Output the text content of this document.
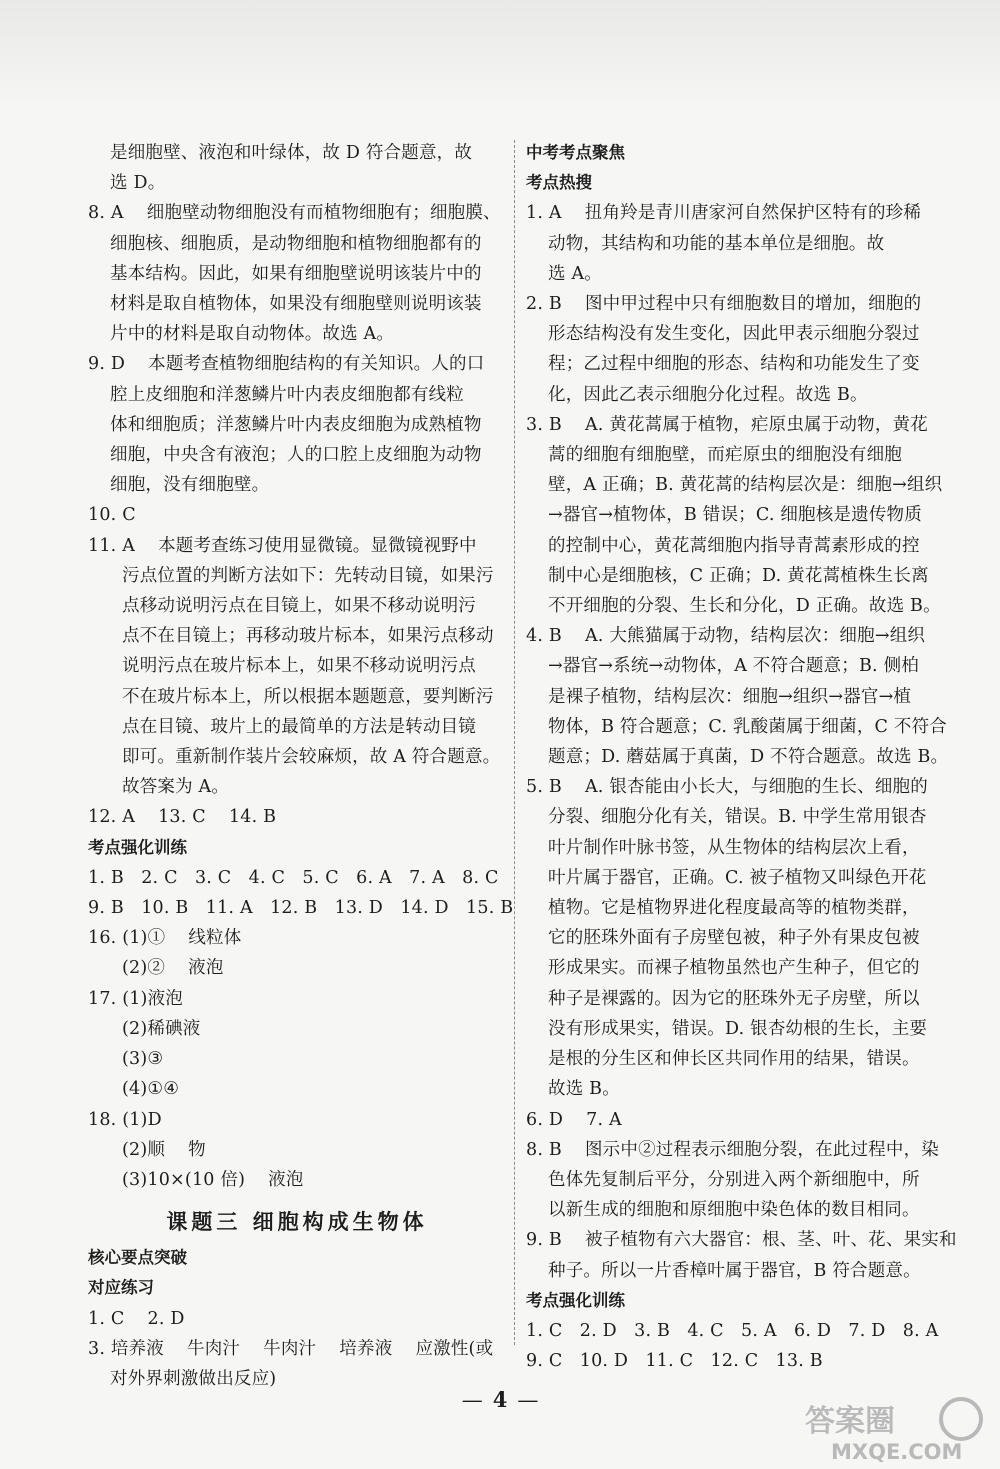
是细胞壁、液泡和叶绿体，故 D 符合题意，故
选 D。
8. A    细胞壁动物细胞没有而植物细胞有；细胞膜、
细胞核、细胞质，是动物细胞和植物细胞都有的
基本结构。因此，如果有细胞壁说明该装片中的
材料是取自植物体，如果没有细胞壁则说明该装
片中的材料是取自动物体。故选 A。
9. D    本题考查植物细胞结构的有关知识。人的口
腔上皮细胞和洋葱鳞片叶内表皮细胞都有线粒
体和细胞质；洋葱鳞片叶内表皮细胞为成熟植物
细胞，中央含有液泡；人的口腔上皮细胞为动物
细胞，没有细胞壁。
10. C
11. A    本题考查练习使用显微镜。显微镜视野中
污点位置的判断方法如下：先转动目镜，如果污
点移动说明污点在目镜上，如果不移动说明污
点不在目镜上；再移动玻片标本，如果污点移动
说明污点在玻片标本上，如果不移动说明污点
不在玻片标本上，所以根据本题题意，要判断污
点在目镜、玻片上的最简单的方法是转动目镜
即可。重新制作装片会较麻烦，故 A 符合题意。
故答案为 A。
12. A    13. C    14. B
考点强化训练
1. B   2. C   3. C   4. C   5. C   6. A   7. A   8. C
9. B   10. B   11. A   12. B   13. D   14. D   15. B
16. (1)①    线粒体
(2)②    液泡
17. (1)液泡
(2)稀碘液
(3)③
(4)①④
18. (1)D
(2)顺    物
(3)10×(10 倍)    液泡
课题三 细胞构成生物体
核心要点突破
对应练习
1. C    2. D
3. 培养液    牛肉汁    牛肉汁    培养液    应激性(或
对外界刺激做出反应)
中考考点聚焦
考点热搜
1. A    扭角羚是青川唐家河自然保护区特有的珍稀
动物，其结构和功能的基本单位是细胞。故
选 A。
2. B    图中甲过程中只有细胞数目的增加，细胞的
形态结构没有发生变化，因此甲表示细胞分裂过
程；乙过程中细胞的形态、结构和功能发生了变
化，因此乙表示细胞分化过程。故选 B。
3. B    A. 黄花蒿属于植物，疟原虫属于动物，黄花
蒿的细胞有细胞壁，而疟原虫的细胞没有细胞
壁，A 正确；B. 黄花蒿的结构层次是：细胞→组织
→器官→植物体，B 错误；C. 细胞核是遗传物质
的控制中心，黄花蒿细胞内指导青蒿素形成的控
制中心是细胞核，C 正确；D. 黄花蒿植株生长离
不开细胞的分裂、生长和分化，D 正确。故选 B。
4. B    A. 大熊猫属于动物，结构层次：细胞→组织
→器官→系统→动物体，A 不符合题意；B. 侧柏
是裸子植物，结构层次：细胞→组织→器官→植
物体，B 符合题意；C. 乳酸菌属于细菌，C 不符合
题意；D. 蘑菇属于真菌，D 不符合题意。故选 B。
5. B    A. 银杏能由小长大，与细胞的生长、细胞的
分裂、细胞分化有关，错误。B. 中学生常用银杏
叶片制作叶脉书签，从生物体的结构层次上看，
叶片属于器官，正确。C. 被子植物又叫绿色开花
植物。它是植物界进化程度最高等的植物类群，
它的胚珠外面有子房壁包被，种子外有果皮包被
形成果实。而裸子植物虽然也产生种子，但它的
种子是裸露的。因为它的胚珠外无子房壁，所以
没有形成果实，错误。D. 银杏幼根的生长，主要
是根的分生区和伸长区共同作用的结果，错误。
故选 B。
6. D    7. A
8. B    图示中②过程表示细胞分裂，在此过程中，染
色体先复制后平分，分别进入两个新细胞中，所
以新生成的细胞和原细胞中染色体的数目相同。
9. B    被子植物有六大器官：根、茎、叶、花、果实和
种子。所以一片香樟叶属于器官，B 符合题意。
考点强化训练
1. C   2. D   3. B   4. C   5. A   6. D   7. D   8. A
9. C   10. D   11. C   12. C   13. B
— 4 —
答案圈
MXQE.COM
